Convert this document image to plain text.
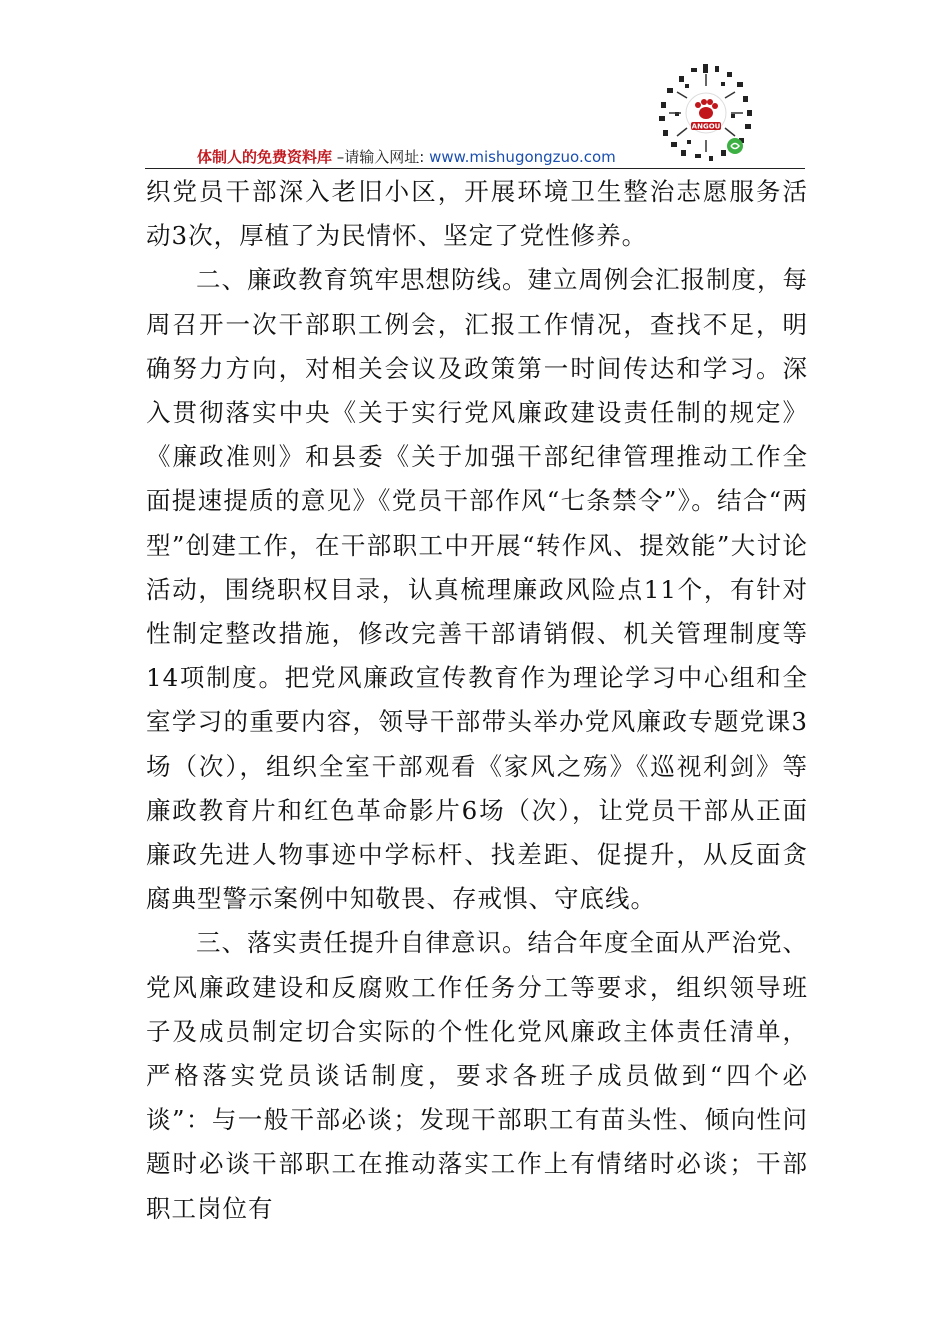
ANGOU
体制人的免费资料库 –请输入网址: www.mishugongzuo.com

织党员干部深入老旧小区，开展环境卫生整治志愿服务活动3次，厚植了为民情怀、坚定了党性修养。

二、廉政教育筑牢思想防线。建立周例会汇报制度，每周召开一次干部职工例会，汇报工作情况，查找不足，明确努力方向，对相关会议及政策第一时间传达和学习。深入贯彻落实中央《关于实行党风廉政建设责任制的规定》《廉政准则》和县委《关于加强干部纪律管理推动工作全面提速提质的意见》《党员干部作风“七条禁令”》。结合“两型”创建工作，在干部职工中开展“转作风、提效能”大讨论活动，围绕职权目录，认真梳理廉政风险点11个，有针对性制定整改措施，修改完善干部请销假、机关管理制度等14项制度。把党风廉政宣传教育作为理论学习中心组和全室学习的重要内容，领导干部带头举办党风廉政专题党课3场（次），组织全室干部观看《家风之殇》《巡视利剑》等廉政教育片和红色革命影片6场（次），让党员干部从正面廉政先进人物事迹中学标杆、找差距、促提升，从反面贪腐典型警示案例中知敬畏、存戒惧、守底线。

三、落实责任提升自律意识。结合年度全面从严治党、党风廉政建设和反腐败工作任务分工等要求，组织领导班子及成员制定切合实际的个性化党风廉政主体责任清单，严格落实党员谈话制度，要求各班子成员做到“四个必谈”：与一般干部必谈；发现干部职工有苗头性、倾向性问题时必谈干部职工在推动落实工作上有情绪时必谈；干部职工岗位有
